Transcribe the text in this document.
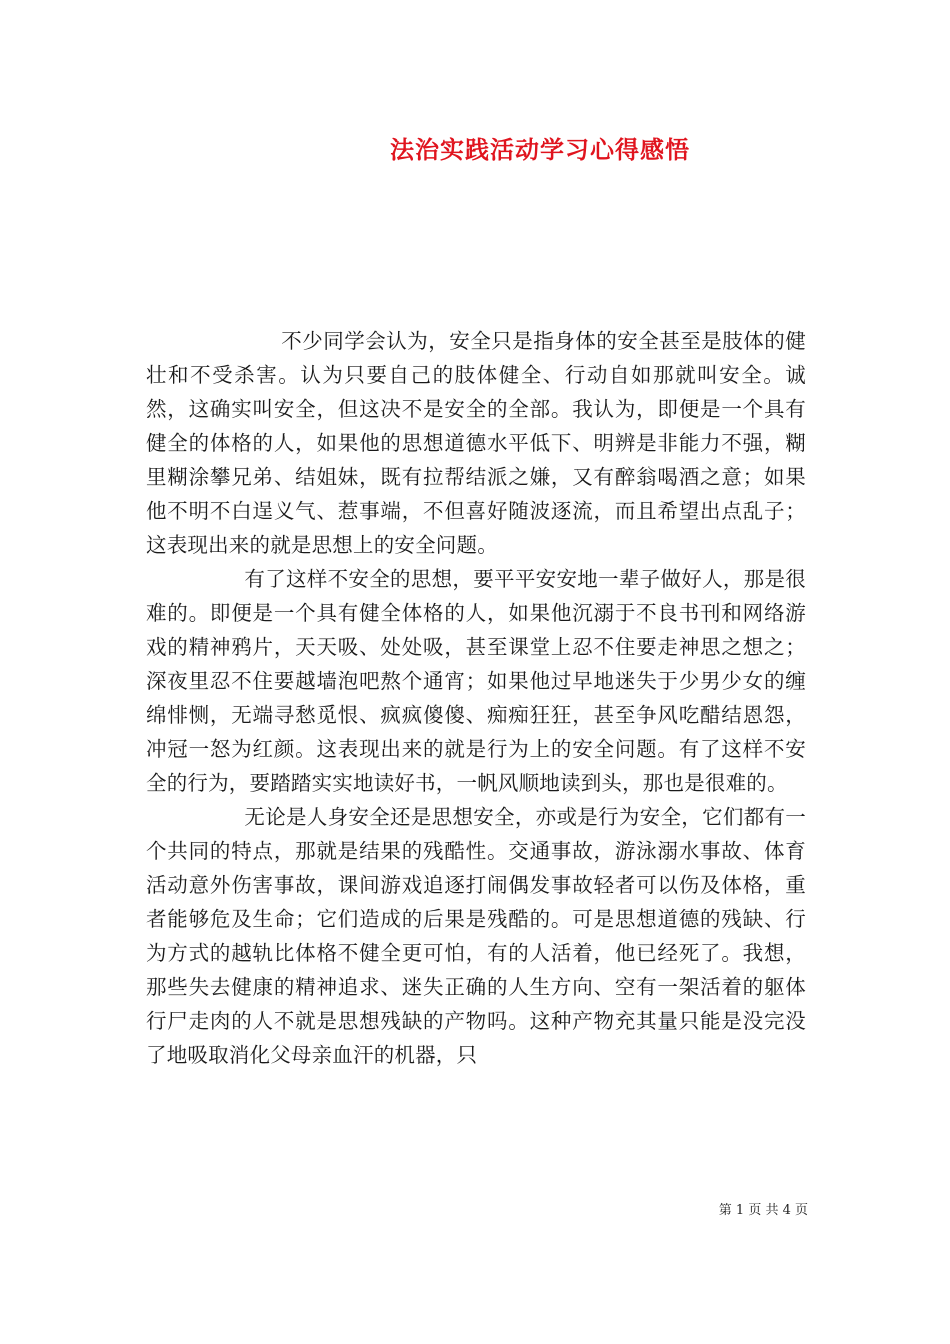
法治实践活动学习心得感悟

不少同学会认为，安全只是指身体的安全甚至是肢体的健壮和不受杀害。认为只要自己的肢体健全、行动自如那就叫安全。诚然，这确实叫安全，但这决不是安全的全部。我认为，即便是一个具有健全的体格的人，如果他的思想道德水平低下、明辨是非能力不强，糊里糊涂攀兄弟、结姐妹，既有拉帮结派之嫌，又有醉翁喝酒之意；如果他不明不白逞义气、惹事端，不但喜好随波逐流，而且希望出点乱子；这表现出来的就是思想上的安全问题。

有了这样不安全的思想，要平平安安地一辈子做好人，那是很难的。即便是一个具有健全体格的人，如果他沉溺于不良书刊和网络游戏的精神鸦片，天天吸、处处吸，甚至课堂上忍不住要走神思之想之；深夜里忍不住要越墙泡吧熬个通宵；如果他过早地迷失于少男少女的缠绵悱恻，无端寻愁觅恨、疯疯傻傻、痴痴狂狂，甚至争风吃醋结恩怨，冲冠一怒为红颜。这表现出来的就是行为上的安全问题。有了这样不安全的行为，要踏踏实实地读好书，一帆风顺地读到头，那也是很难的。

无论是人身安全还是思想安全，亦或是行为安全，它们都有一个共同的特点，那就是结果的残酷性。交通事故，游泳溺水事故、体育活动意外伤害事故，课间游戏追逐打闹偶发事故轻者可以伤及体格，重者能够危及生命；它们造成的后果是残酷的。可是思想道德的残缺、行为方式的越轨比体格不健全更可怕，有的人活着，他已经死了。我想，那些失去健康的精神追求、迷失正确的人生方向、空有一架活着的躯体行尸走肉的人不就是思想残缺的产物吗。这种产物充其量只能是没完没了地吸取消化父母亲血汗的机器，只

第 1 页 共 4 页
